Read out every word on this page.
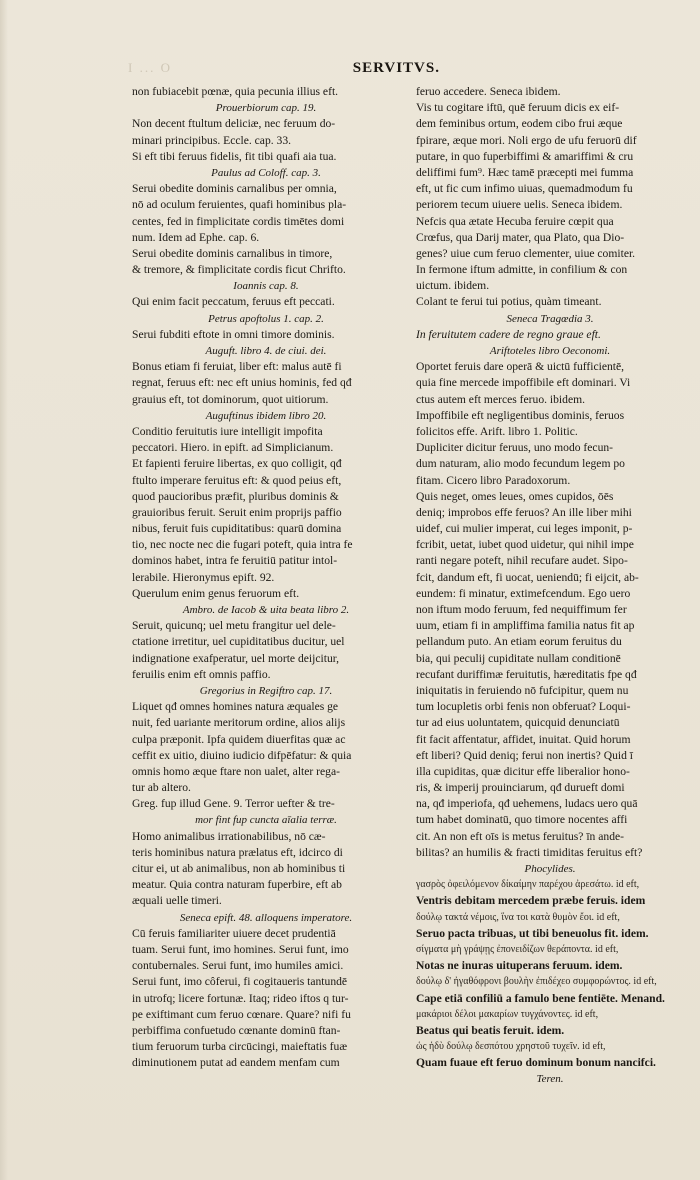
I ... O	SERVITVS.
non fubiacebit pœnæ, quia pecunia illius eft.
Prouerbiorum cap. 19.
Non decent ftultum deliciæ, nec feruum do-
minari principibus. Eccle. cap. 33.
Si eft tibi feruus fidelis, fit tibi quafi aia tua.
Paulus ad Coloff. cap. 3.
Serui obedite dominis carnalibus per omnia,
nō ad oculum feruientes, quafi hominibus pla-
centes, fed in fimplicitate cordis timētes domi
num. Idem ad Ephe. cap. 6.
Serui obedite dominis carnalibus in timore,
& tremore, & fimplicitate cordis ficut Chrifto.
Ioannis cap. 8.
Qui enim facit peccatum, feruus eft peccati.
Petrus apoftolus 1. cap. 2.
Serui fubditi eftote in omni timore dominis.
Auguft. libro 4. de ciui. dei.
Bonus etiam fi feruiat, liber eft: malus autē fi
regnat, feruus eft: nec eft unius hominis, fed qđ
grauius eft, tot dominorum, quot uitiorum.
Auguftinus ibidem libro 20.
Conditio feruitutis iure intelligit impofita
peccatori. Hiero. in epift. ad Simplicianum.
Et fapienti feruire libertas, ex quo colligit, qđ
ftulto imperare feruitus eft: & quod peius eft,
quod paucioribus præfit, pluribus dominis &
grauioribus feruit. Seruit enim proprijs paffio
nibus, feruit fuis cupiditatibus: quarū domina
tio, nec nocte nec die fugari poteft, quia intra fe
dominos habet, intra fe feruitiū patitur intol-
lerabile. Hieronymus epift. 92.
Querulum enim genus feruorum eft.
Ambro. de Iacob & uita beata libro 2.
Seruit, quicunq; uel metu frangitur uel dele-
ctatione irretitur, uel cupiditatibus ducitur, uel
indignatione exafperatur, uel morte deijcitur,
feruilis enim eft omnis paffio.
Gregorius in Regiftro cap. 17.
Liquet qđ omnes homines natura æquales ge
nuit, fed uariante meritorum ordine, alios alijs
culpa præponit. Ipfa quidem diuerfitas quæ ac
ceffit ex uitio, diuino iudicio difpēfatur: & quia
omnis homo æque ftare non ualet, alter rega-
tur ab altero.
Greg. fup illud Gene. 9. Terror uefter & tre-
mor fint fup cuncta aīalia terræ.
Homo animalibus irrationabilibus, nō cæ-
teris hominibus natura prælatus eft, idcirco di
citur ei, ut ab animalibus, non ab hominibus ti
meatur. Quia contra naturam fuperbire, eft ab
æquali uelle timeri.
Seneca epift. 48. alloquens imperatore.
Cū feruis familiariter uiuere decet prudentiā
tuam. Serui funt, imo homines. Serui funt, imo
contubernales. Serui funt, imo humiles amici.
Serui funt, imo côferui, fi cogitaueris tantundē
in utrofq; licere fortunæ. Itaq; rideo iftos q tur-
pe exiftimant cum feruo cœnare. Quare? nifi fu
perbiffima confuetudo cœnante dominū ftan-
tium feruorum turba circūcingi, maieftatis fuæ
diminutionem putat ad eandem menfam cum
feruo accedere. Seneca ibidem.
Vis tu cogitare iftū, quē feruum dicis ex eif-
dem feminibus ortum, eodem cibo frui æque
fpirare, æque mori. Noli ergo de ufu feruorū dif
putare, in quo fuperbiffimi & amariffimi & cru
deliffimi fum⁹. Hæc tamē præcepti mei fumma
eft, ut fic cum infimo uiuas, quemadmodum fu
periorem tecum uiuere uelis. Seneca ibidem.
Nefcis qua ætate Hecuba feruire cœpit qua
Crœfus, qua Darij mater, qua Plato, qua Dio-
genes? uiue cum feruo clementer, uiue comiter.
In fermone iftum admitte, in confilium & con
uictum. ibidem.
Colant te ferui tui potius, quàm timeant.
Seneca Tragœdia 3.
In feruitutem cadere de regno graue eft.
Ariftoteles libro Oeconomi.
Oportet feruis dare operā & uictū fufficientē,
quia fine mercede impoffibile eft dominari. Vi
ctus autem eft merces feruo. ibidem.
Impoffibile eft negligentibus dominis, feruos
folicitos effe. Arift. libro 1. Politic.
Dupliciter dicitur feruus, uno modo fecun-
dum naturam, alio modo fecundum legem po
fitam. Cicero libro Paradoxorum.
Quis neget, omes leues, omes cupidos, ōēs
deniq; improbos effe feruos? An ille liber mihi
uidef, cui mulier imperat, cui leges imponit, p-
fcribit, uetat, iubet quod uidetur, qui nihil impe
ranti negare poteft, nihil recufare audet. Sipo-
fcit, dandum eft, fi uocat, ueniendū; fi eijcit, ab-
eundem: fi minatur, extimefcendum. Ego uero
non iftum modo feruum, fed nequiffimum fer
uum, etiam fi in ampliffima familia natus fit ap
pellandum puto. An etiam eorum feruitus du
bia, qui peculij cupiditate nullam conditionē
recufant duriffimæ feruitutis, hæreditatis fpe qđ
iniquitatis in feruiendo nō fufcipitur, quem nu
tum locupletis orbi fenis non obferuat? Loqui-
tur ad eius uoluntatem, quicquid denunciatū
fit facit affentatur, affidet, inuitat. Quid horum
eft liberi? Quid deniq; ferui non inertis? Quid ī
illa cupiditas, quæ dicitur effe liberalior hono-
ris, & imperij prouinciarum, qđ durueft domi
na, qđ imperiofa, qđ uehemens, ludacs uero quā
tum habet dominatū, quo timore nocentes affi
cit. An non eft oīs is metus feruitus? īn ande-
bilitas? an humilis & fracti timiditas feruitus eft?
Phocylides.
γασρὸς ὀφειλόμενον δίκαίμην παρέχου ἀρεσάτω. id eft,
Ventris debitam mercedem præbe feruis. idem
δούλῳ τακτά νέμοις, ἵνα τοι κατὰ θυμὸν ἔοι. id eft,
Seruo pacta tribuas, ut tibi beneuolus fit. idem.
σίγματα μὴ γράψῃς ἐπονειδίζων θεράποντα. id eft,
Notas ne inuras uituperans feruum. idem.
δούλῳ δ' ἠγαθόφρονι βουλὴν ἐπιδέχεο συμφορώντος. id eft,
Cape etiā confiliū a famulo bene fentiēte. Menand.
μακάριοι δέλοι μακαρίων τυγχάνοντες. id eft,
Beatus qui beatis feruit. idem.
ὡς ἡδὺ δούλῳ δεσπότου χρηστοῦ τυχεῖν. id eft,
Quam fuaue eft feruo dominum bonum nancifci.
Teren.
